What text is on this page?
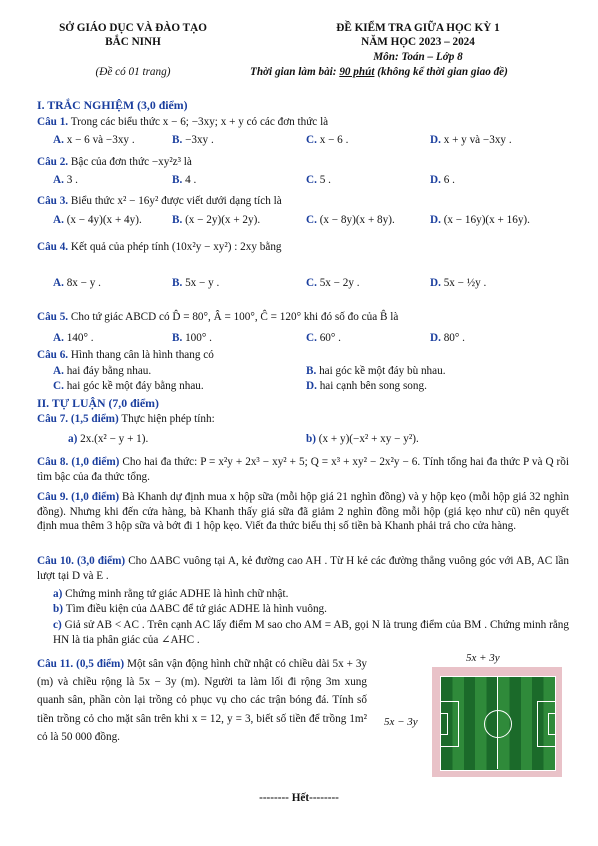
SỞ GIÁO DỤC VÀ ĐÀO TẠO
BẮC NINH
(Đề có 01 trang)
ĐỀ KIỂM TRA GIỮA HỌC KỲ 1
NĂM HỌC 2023 – 2024
Môn: Toán – Lớp 8
Thời gian làm bài: 90 phút (không kể thời gian giao đề)
I. TRẮC NGHIỆM (3,0 điểm)
Câu 1. Trong các biểu thức x − 6; −3xy; x + y có các đơn thức là
A. x − 6 và −3xy .	B. −3xy .	C. x − 6 .	D. x + y và −3xy .
Câu 2. Bậc của đơn thức −xy²z³ là
A. 3 .	B. 4 .	C. 5 .	D. 6 .
Câu 3. Biểu thức x² − 16y² được viết dưới dạng tích là
A. (x − 4y)(x + 4y).	B. (x − 2y)(x + 2y).	C. (x − 8y)(x + 8y).	D. (x − 16y)(x + 16y).
Câu 4. Kết quả của phép tính (10x²y − xy²) : 2xy bằng
A. 8x − y .	B. 5x − y .	C. 5x − 2y .	D. 5x − ½y .
Câu 5. Cho tứ giác ABCD có D̂ = 80°, Â = 100°, Ĉ = 120° khi đó số đo của B̂ là
A. 140° .	B. 100° .	C. 60° .	D. 80° .
Câu 6. Hình thang cân là hình thang có
A. hai đáy bằng nhau.	B. hai góc kề một đáy bù nhau.
C. hai góc kề một đáy bằng nhau.	D. hai cạnh bên song song.
II. TỰ LUẬN (7,0 điểm)
Câu 7. (1,5 điểm) Thực hiện phép tính:
a) 2x.(x² − y + 1).	b) (x + y)(−x² + xy − y²).
Câu 8. (1,0 điểm) Cho hai đa thức: P = x²y + 2x³ − xy² + 5; Q = x³ + xy² − 2x²y − 6. Tính tổng hai đa thức P và Q rồi tìm bậc của đa thức tổng.
Câu 9. (1,0 điểm) Bà Khanh dự định mua x hộp sữa (mỗi hộp giá 21 nghìn đồng) và y hộp kẹo (mỗi hộp giá 32 nghìn đồng). Nhưng khi đến cửa hàng, bà Khanh thấy giá sữa đã giảm 2 nghìn đồng mỗi hộp (giá kẹo như cũ) nên quyết định mua thêm 3 hộp sữa và bớt đi 1 hộp kẹo. Viết đa thức biểu thị số tiền bà Khanh phải trả cho cửa hàng.
Câu 10. (3,0 điểm) Cho ΔABC vuông tại A, kẻ đường cao AH . Từ H kẻ các đường thẳng vuông góc với AB, AC lần lượt tại D và E .
a) Chứng minh rằng tứ giác ADHE là hình chữ nhật.
b) Tìm điều kiện của ΔABC để tứ giác ADHE là hình vuông.
c) Giả sử AB < AC . Trên cạnh AC lấy điểm M sao cho AM = AB, gọi N là trung điểm của BM . Chứng minh rằng HN là tia phân giác của ∠AHC .
Câu 11. (0,5 điểm) Một sân vận động hình chữ nhật có chiều dài 5x + 3y (m) và chiều rộng là 5x − 3y (m). Người ta làm lối đi rộng 3m xung quanh sân, phần còn lại trồng cỏ phục vụ cho các trận bóng đá. Tính số tiền trồng cỏ cho mặt sân trên khi x = 12, y = 3, biết số tiền để trồng 1m² cỏ là 50 000 đồng.
5x + 3y
5x − 3y
-------- Hết--------
